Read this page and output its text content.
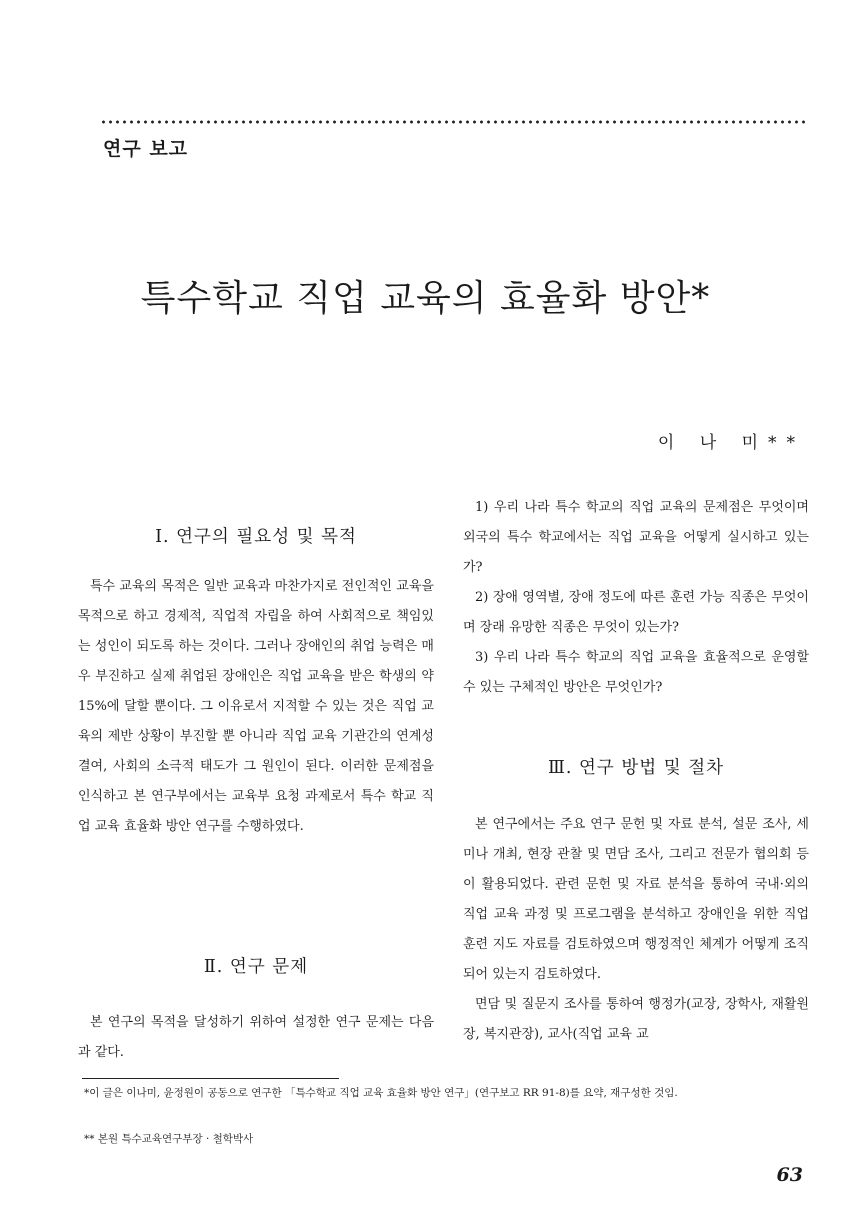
연구 보고
특수학교 직업 교육의 효율화 방안*
이 나 미**
Ⅰ. 연구의 필요성 및 목적

특수 교육의 목적은 일반 교육과 마찬가지로 전인적인 교육을 목적으로 하고 경제적, 직업적 자립을 하여 사회적으로 책임있는 성인이 되도록 하는 것이다. 그러나 장애인의 취업 능력은 매우 부진하고 실제 취업된 장애인은 직업 교육을 받은 학생의 약 15%에 달할 뿐이다. 그 이유로서 지적할 수 있는 것은 직업 교육의 제반 상황이 부진할 뿐 아니라 직업 교육 기관간의 연계성 결여, 사회의 소극적 태도가 그 원인이 된다. 이러한 문제점을 인식하고 본 연구부에서는 교육부 요청 과제로서 특수 학교 직업 교육 효율화 방안 연구를 수행하였다.

Ⅱ. 연구 문제

본 연구의 목적을 달성하기 위하여 설정한 연구 문제는 다음과 같다.

1) 우리 나라 특수 학교의 직업 교육의 문제점은 무엇이며 외국의 특수 학교에서는 직업 교육을 어떻게 실시하고 있는가?

2) 장애 영역별, 장애 정도에 따른 훈련 가능 직종은 무엇이며 장래 유망한 직종은 무엇이 있는가?

3) 우리 나라 특수 학교의 직업 교육을 효율적으로 운영할 수 있는 구체적인 방안은 무엇인가?

Ⅲ. 연구 방법 및 절차

본 연구에서는 주요 연구 문헌 및 자료 분석, 설문 조사, 세미나 개최, 현장 관찰 및 면담 조사, 그리고 전문가 협의회 등이 활용되었다. 관련 문헌 및 자료 분석을 통하여 국내·외의 직업 교육 과정 및 프로그램을 분석하고 장애인을 위한 직업 훈련 지도 자료를 검토하였으며 행정적인 체계가 어떻게 조직되어 있는지 검토하였다.

면담 및 질문지 조사를 통하여 행정가(교장, 장학사, 재활원장, 복지관장), 교사(직업 교육 교

*이 글은 이나미, 윤정원이 공동으로 연구한 「특수학교 직업 교육 효율화 방안 연구」(연구보고 RR 91-8)를 요약, 재구성한 것임.
** 본원 특수교육연구부장 · 철학박사
63
